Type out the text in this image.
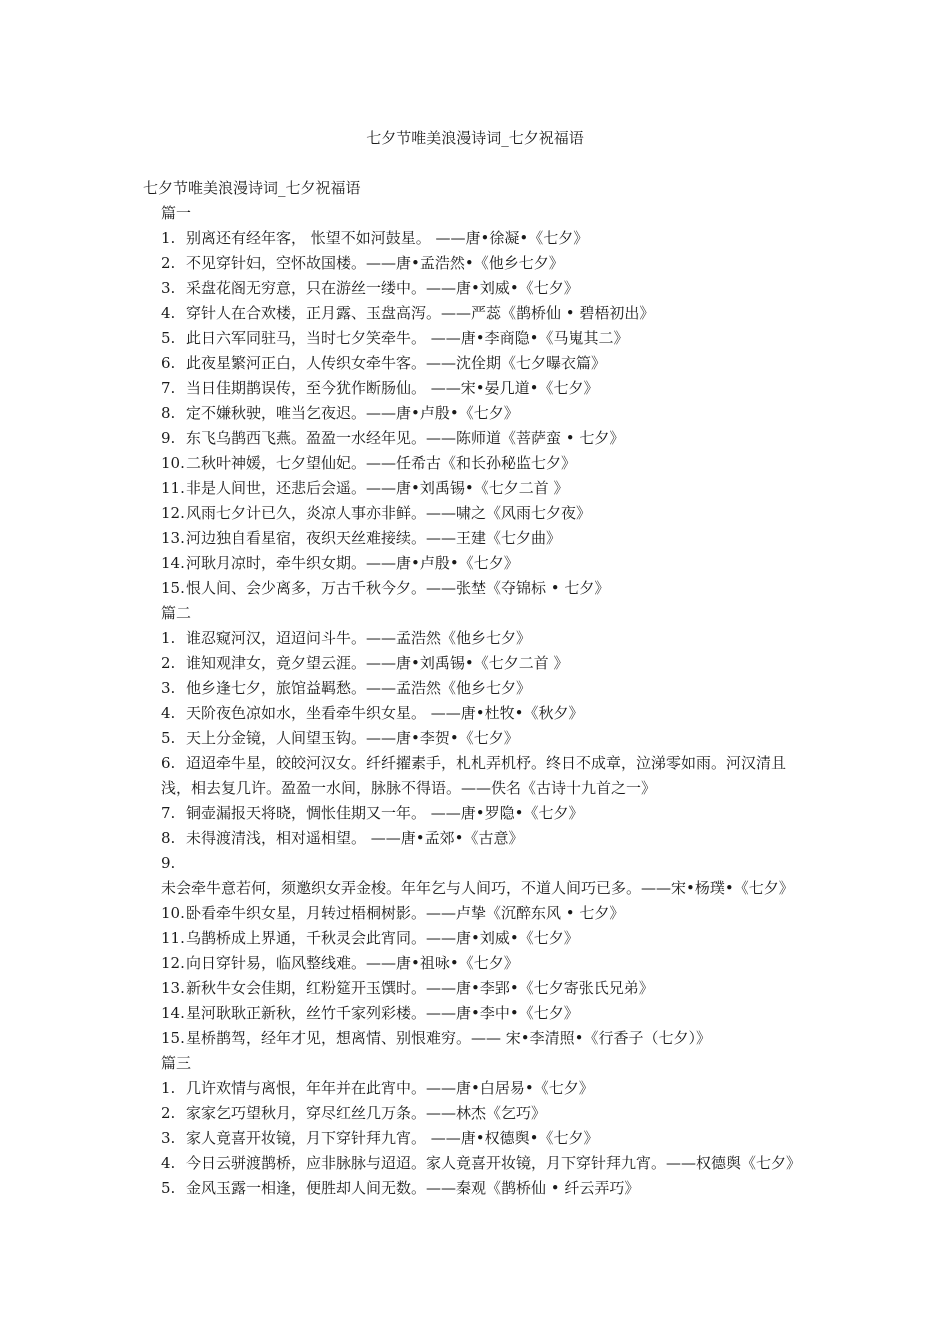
七夕节唯美浪漫诗词_七夕祝福语
七夕节唯美浪漫诗词_七夕祝福语
篇一
1. 别离还有经年客， 怅望不如河鼓星。 ——唐•徐凝•《七夕》
2. 不见穿针妇，空怀故国楼。——唐•孟浩然•《他乡七夕》
3. 采盘花阁无穷意，只在游丝一缕中。——唐•刘威•《七夕》
4. 穿针人在合欢楼，正月露、玉盘高泻。——严蕊《鹊桥仙 • 碧梧初出》
5. 此日六军同驻马，当时七夕笑牵牛。 ——唐•李商隐•《马嵬其二》
6. 此夜星繁河正白，人传织女牵牛客。——沈佺期《七夕曝衣篇》
7. 当日佳期鹊误传，至今犹作断肠仙。 ——宋•晏几道•《七夕》
8. 定不嫌秋驶，唯当乞夜迟。——唐•卢殷•《七夕》
9. 东飞乌鹊西飞燕。盈盈一水经年见。——陈师道《菩萨蛮 • 七夕》
10.二秋叶神媛，七夕望仙妃。——任希古《和长孙秘监七夕》
11.非是人间世，还悲后会遥。——唐•刘禹锡•《七夕二首 》
12.风雨七夕计已久，炎凉人事亦非鲜。——啸之《风雨七夕夜》
13.河边独自看星宿，夜织天丝难接续。——王建《七夕曲》
14.河耿月凉时，牵牛织女期。——唐•卢殷•《七夕》
15.恨人间、会少离多，万古千秋今夕。——张埜《夺锦标 • 七夕》
篇二
1. 谁忍窥河汉，迢迢问斗牛。——孟浩然《他乡七夕》
2. 谁知观津女，竟夕望云涯。——唐•刘禹锡•《七夕二首 》
3. 他乡逢七夕，旅馆益羁愁。——孟浩然《他乡七夕》
4. 天阶夜色凉如水，坐看牵牛织女星。 ——唐•杜牧•《秋夕》
5. 天上分金镜，人间望玉钩。——唐•李贺•《七夕》
6. 迢迢牵牛星，皎皎河汉女。纤纤擢素手，札札弄机杼。终日不成章，泣涕零如雨。河汉清且浅，相去复几许。盈盈一水间，脉脉不得语。——佚名《古诗十九首之一》
7. 铜壶漏报天将晓，惆怅佳期又一年。 ——唐•罗隐•《七夕》
8. 未得渡清浅，相对遥相望。 ——唐•孟郊•《古意》
9.未会牵牛意若何，须邀织女弄金梭。年年乞与人间巧，不道人间巧已多。——宋•杨璞•《七夕》
10.卧看牵牛织女星，月转过梧桐树影。——卢挚《沉醉东风 • 七夕》
11.乌鹊桥成上界通，千秋灵会此宵同。——唐•刘威•《七夕》
12.向日穿针易，临风整线难。——唐•祖咏•《七夕》
13.新秋牛女会佳期，红粉筵开玉馔时。——唐•李郢•《七夕寄张氏兄弟》
14.星河耿耿正新秋，丝竹千家列彩楼。——唐•李中•《七夕》
15.星桥鹊驾，经年才见，想离情、别恨难穷。—— 宋•李清照•《行香子（七夕）》
篇三
1. 几许欢情与离恨，年年并在此宵中。——唐•白居易•《七夕》
2. 家家乞巧望秋月，穿尽红丝几万条。——林杰《乞巧》
3. 家人竟喜开妆镜，月下穿针拜九宵。 ——唐•权德舆•《七夕》
4. 今日云骈渡鹊桥，应非脉脉与迢迢。家人竟喜开妆镜，月下穿针拜九宵。——权德舆《七夕》
5. 金风玉露一相逢，便胜却人间无数。——秦观《鹊桥仙 • 纤云弄巧》
